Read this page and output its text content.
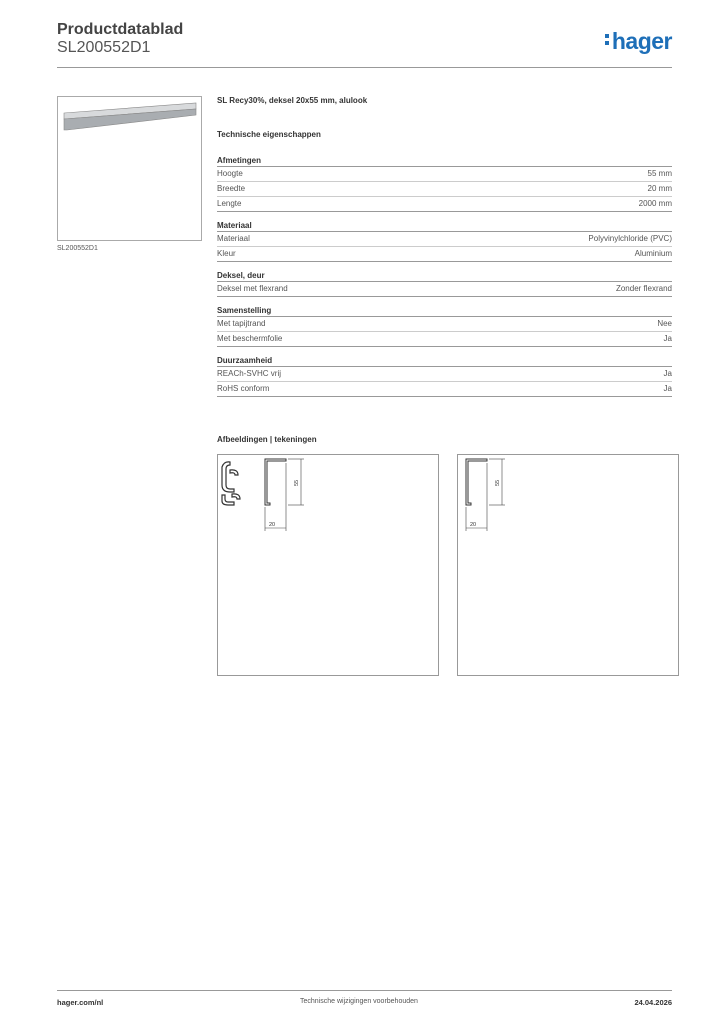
Productdatablad
SL200552D1	hager
SL200552D1
SL Recy30%, deksel 20x55 mm, alulook
Technische eigenschappen
Afmetingen
Hoogte	55 mm
Breedte	20 mm
Lengte	2000 mm
Materiaal
Materiaal	Polyvinylchloride (PVC)
Kleur	Aluminium
Deksel, deur
Deksel met flexrand	Zonder flexrand
Samenstelling
Met tapijtrand	Nee
Met beschermfolie	Ja
Duurzaamheid
REACh-SVHC vrij	Ja
RoHS conform	Ja
Afbeeldingen | tekeningen
55
20
55
20
hager.com/nl	Technische wijzigingen voorbehouden	24.04.2026
